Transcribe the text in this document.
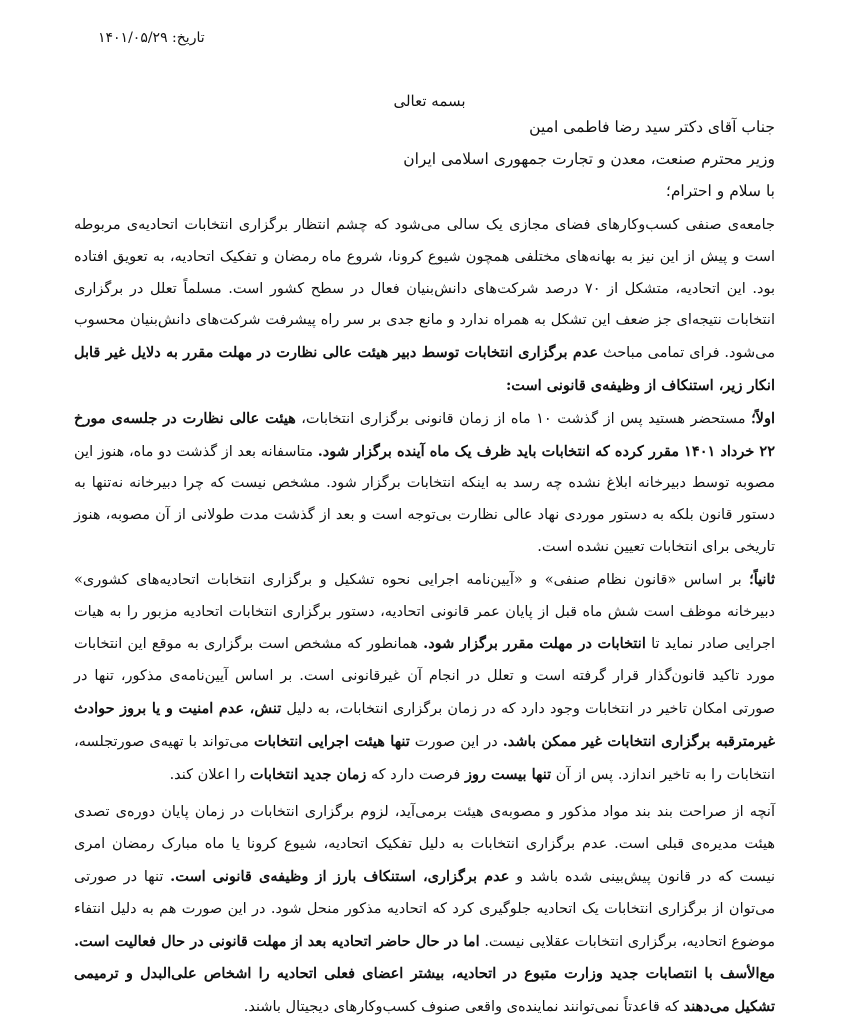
تاریخ: ۱۴۰۱/۰۵/۲۹
بسمه تعالی
جناب آقای دکتر سید رضا فاطمی امین
وزیر محترم صنعت، معدن و تجارت جمهوری اسلامی ایران
با سلام و احترام؛

جامعه‌ی صنفی کسب‌وکارهای فضای مجازی یک سالی می‌شود که چشم انتظار برگزاری انتخابات اتحادیه‌ی مربوطه است و پیش از این نیز به بهانه‌های مختلفی همچون شیوع کرونا، شروع ماه رمضان و تفکیک اتحادیه، به تعویق افتاده بود. این اتحادیه، متشکل از ۷۰ درصد شرکت‌های دانش‌بنیان فعال در سطح کشور است. مسلماً تعلل در برگزاری انتخابات نتیجه‌ای جز ضعف این تشکل به همراه ندارد و مانع جدی بر سر راه پیشرفت شرکت‌های دانش‌بنیان محسوب می‌شود. فرای تمامی مباحث عدم برگزاری انتخابات توسط دبیر هیئت عالی نظارت در مهلت مقرر به دلایل غیر قابل انکار زیر، استنکاف از وظیفه‌ی قانونی است:

اولاً؛ مستحضر هستید پس از گذشت ۱۰ ماه از زمان قانونی برگزاری انتخابات، هیئت عالی نظارت در جلسه‌ی مورخ ۲۲ خرداد ۱۴۰۱ مقرر کرده که انتخابات باید ظرف یک ماه آینده برگزار شود. متاسفانه بعد از گذشت دو ماه، هنوز این مصوبه توسط دبیرخانه ابلاغ نشده چه رسد به اینکه انتخابات برگزار شود. مشخص نیست که چرا دبیرخانه نه‌تنها به دستور قانون بلکه به دستور موردی نهاد عالی نظارت بی‌توجه است و بعد از گذشت مدت طولانی از آن مصوبه، هنوز تاریخی برای انتخابات تعیین نشده است.

ثانیاً؛ بر اساس «قانون نظام صنفی» و «آیین‌نامه اجرایی نحوه تشکیل و برگزاری انتخابات اتحادیه‌های کشوری» دبیرخانه موظف است شش ماه قبل از پایان عمر قانونی اتحادیه، دستور برگزاری انتخابات اتحادیه مزبور را به هیات اجرایی صادر نماید تا انتخابات در مهلت مقرر برگزار شود. همانطور که مشخص است برگزاری به موقع این انتخابات مورد تاکید قانون‌گذار قرار گرفته است و تعلل در انجام آن غیرقانونی است. بر اساس آیین‌نامه‌ی مذکور، تنها در صورتی امکان تاخیر در انتخابات وجود دارد که در زمان برگزاری انتخابات، به دلیل تنش، عدم امنیت و یا بروز حوادث غیرمترقبه برگزاری انتخابات غیر ممکن باشد. در این صورت تنها هیئت اجرایی انتخابات می‌تواند با تهیه‌ی صورتجلسه، انتخابات را به تاخیر اندازد. پس از آن تنها بیست روز فرصت دارد که زمان جدید انتخابات را اعلان کند.

آنچه از صراحت بند بند مواد مذکور و مصوبه‌ی هیئت برمی‌آید، لزوم برگزاری انتخابات در زمان پایان دوره‌ی تصدی هیئت مدیره‌ی قبلی است. عدم برگزاری انتخابات به دلیل تفکیک اتحادیه، شیوع کرونا یا ماه مبارک رمضان امری نیست که در قانون پیش‌بینی شده باشد و عدم برگزاری، استنکاف بارز از وظیفه‌ی قانونی است. تنها در صورتی می‌توان از برگزاری انتخابات یک اتحادیه جلوگیری کرد که اتحادیه مذکور منحل شود. در این صورت هم به دلیل انتفاء موضوع اتحادیه، برگزاری انتخابات عقلایی نیست. اما در حال حاضر اتحادیه بعد از مهلت قانونی در حال فعالیت است. مع‌الأسف با انتصابات جدید وزارت متبوع در اتحادیه، بیشتر اعضای فعلی اتحادیه را اشخاص علی‌البدل و ترمیمی تشکیل می‌دهند که قاعدتاً نمی‌توانند نماینده‌ی واقعی صنوف کسب‌وکارهای دیجیتال باشند.
